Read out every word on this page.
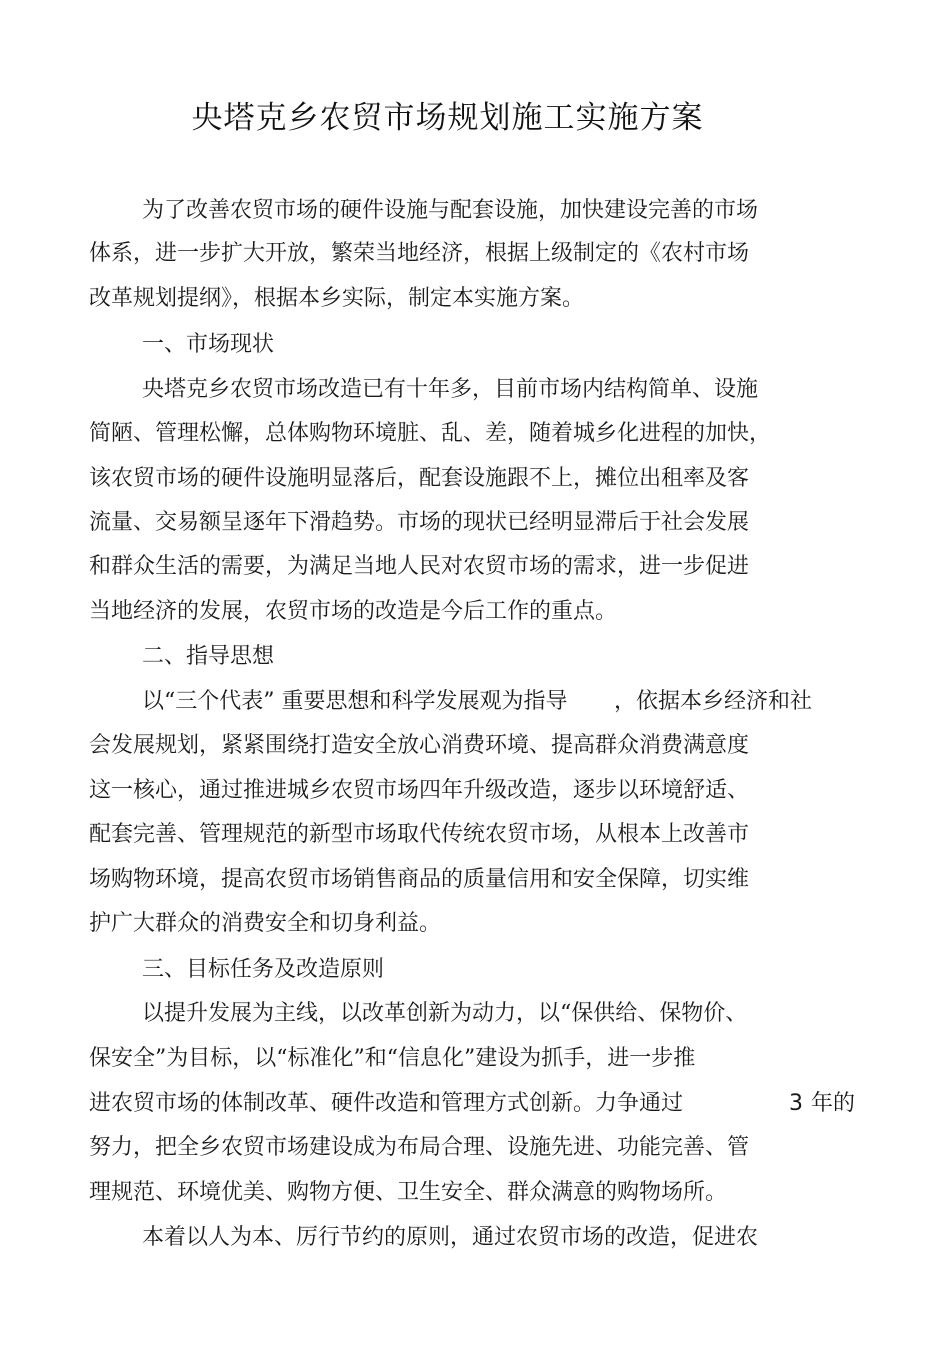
央塔克乡农贸市场规划施工实施方案
为了改善农贸市场的硬件设施与配套设施，加快建设完善的市场
体系，进一步扩大开放，繁荣当地经济，根据上级制定的《农村市场
改革规划提纲》，根据本乡实际，制定本实施方案。
一、市场现状
央塔克乡农贸市场改造已有十年多，目前市场内结构简单、设施
简陋、管理松懈，总体购物环境脏、乱、差，随着城乡化进程的加快，
该农贸市场的硬件设施明显落后，配套设施跟不上，摊位出租率及客
流量、交易额呈逐年下滑趋势。市场的现状已经明显滞后于社会发展
和群众生活的需要，为满足当地人民对农贸市场的需求，进一步促进
当地经济的发展，农贸市场的改造是今后工作的重点。
二、指导思想
以“三个代表” 重要思想和科学发展观为指导 ，依据本乡经济和社
会发展规划，紧紧围绕打造安全放心消费环境、提高群众消费满意度
这一核心，通过推进城乡农贸市场四年升级改造，逐步以环境舒适、
配套完善、管理规范的新型市场取代传统农贸市场，从根本上改善市
场购物环境，提高农贸市场销售商品的质量信用和安全保障，切实维
护广大群众的消费安全和切身利益。
三、目标任务及改造原则
以提升发展为主线，以改革创新为动力，以“保供给、保物价、
保安全”为目标，以“标准化”和“信息化”建设为抓手，进一步推
进农贸市场的体制改革、硬件改造和管理方式创新。力争通过	3 年的
努力，把全乡农贸市场建设成为布局合理、设施先进、功能完善、管
理规范、环境优美、购物方便、卫生安全、群众满意的购物场所。
本着以人为本、厉行节约的原则，通过农贸市场的改造，促进农
